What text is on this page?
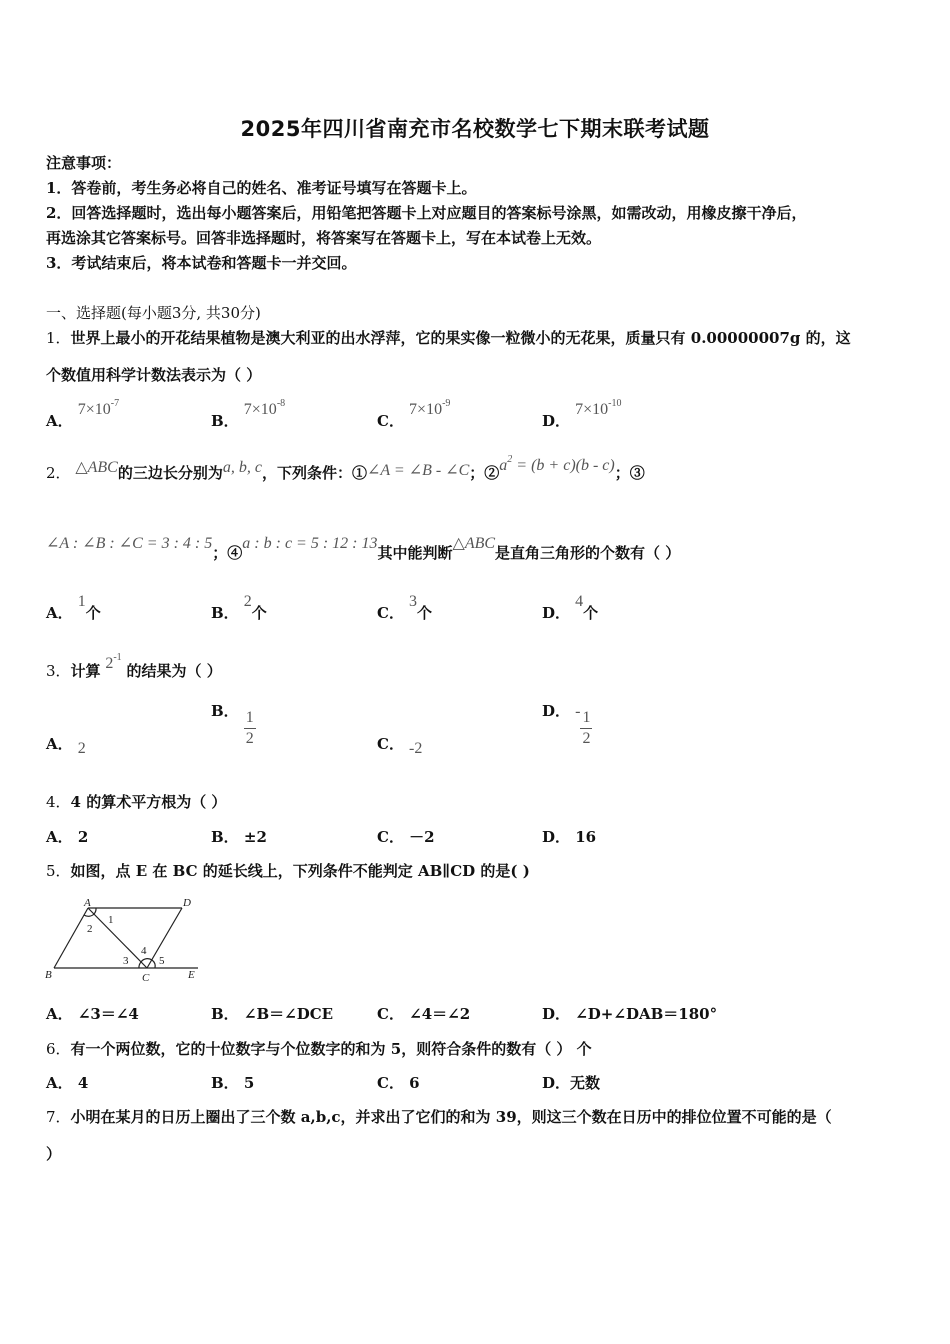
2025年四川省南充市名校数学七下期末联考试题
注意事项：
1．答卷前，考生务必将自己的姓名、准考证号填写在答题卡上。
2．回答选择题时，选出每小题答案后，用铅笔把答题卡上对应题目的答案标号涂黑，如需改动，用橡皮擦干净后，
再选涂其它答案标号。回答非选择题时，将答案写在答题卡上，写在本试卷上无效。
3．考试结束后，将本试卷和答题卡一并交回。
一、选择题(每小题3分, 共30分)
1．世界上最小的开花结果植物是澳大利亚的出水浮萍，它的果实像一粒微小的无花果，质量只有 0.00000007g 的，这
个数值用科学计数法表示为（ ）
A． $7\times 10^{-7}$
B． $7\times 10^{-8}$
C． $7\times 10^{-9}$
D． $7\times 10^{-10}$
2． △ABC的三边长分别为a, b, c，下列条件：①∠A = ∠B - ∠C；$②a^2 = (b + c)(b - c)$；③
∠A : ∠B : ∠C = 3 : 4 : 5；④a : b : c = 5 : 12 : 13其中能判断△ABC是直角三角形的个数有（ ）
A． 1个	B． 2个	C． 3个	D． 4个
3．计算 $2^{-1}$ 的结果为（ ）
A． 2
B． $\frac{1}{2}$	C． -2
D． - $\frac{1}{2}$
4．4 的算术平方根为（ ）
A． 2	B． ±2	C． －2	D． 16
5．如图，点 E 在 BC 的延长线上，下列条件不能判定 AB∥CD 的是( )
A	D
B	C	E
1
2
3
4
5
A． ∠3＝∠4	B． ∠B＝∠DCE	C． ∠4＝∠2	D． ∠D+∠DAB＝180°
6．有一个两位数，它的十位数字与个位数字的和为 5，则符合条件的数有（ ） 个
A． 4	B． 5	C． 6	D．无数
7．小明在某月的日历上圈出了三个数 a,b,c，并求出了它们的和为 39，则这三个数在日历中的排位位置不可能的是（
）
